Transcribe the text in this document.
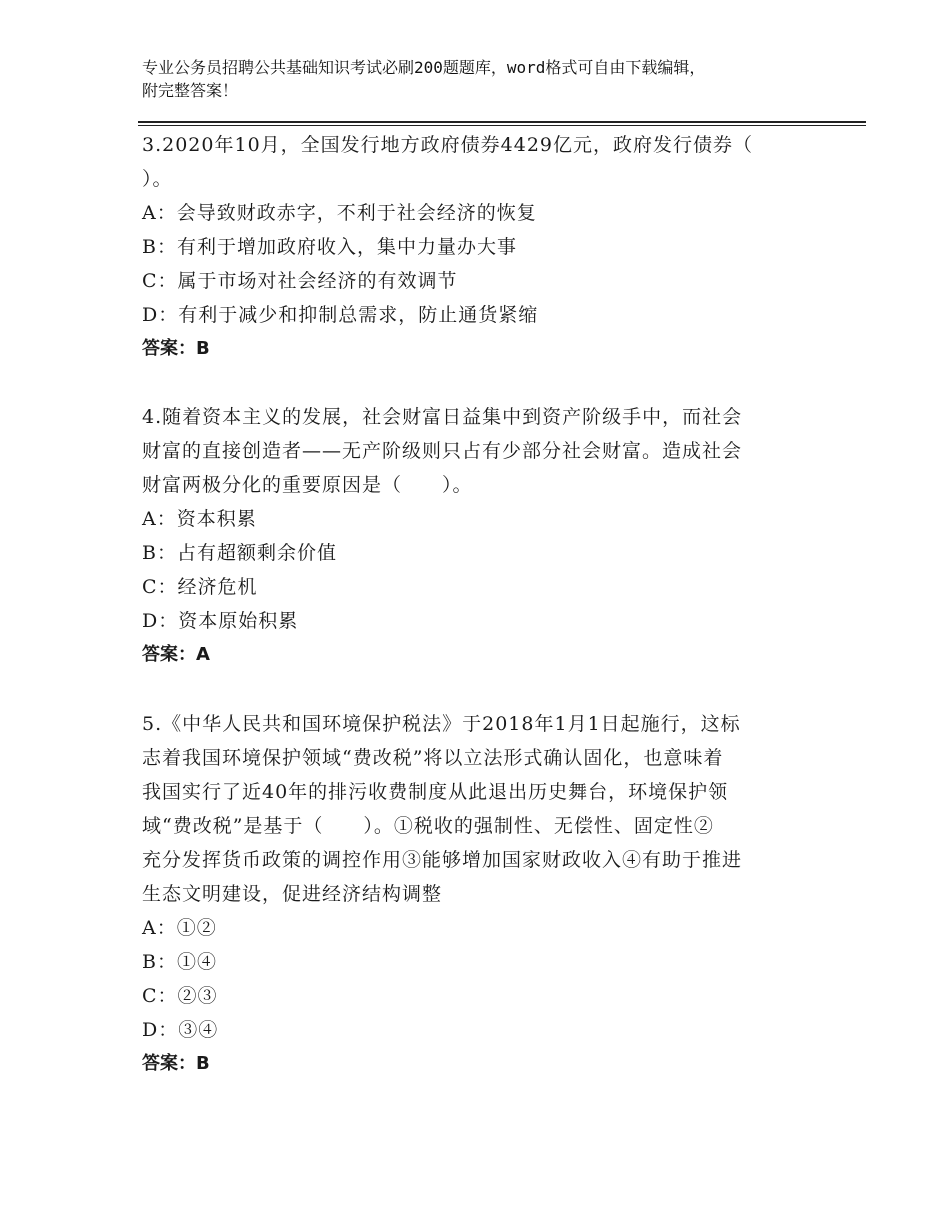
专业公务员招聘公共基础知识考试必刷200题题库，word格式可自由下载编辑，
附完整答案！
3.2020年10月，全国发行地方政府债券4429亿元，政府发行债券（
）。
A：会导致财政赤字，不利于社会经济的恢复
B：有利于增加政府收入，集中力量办大事
C：属于市场对社会经济的有效调节
D：有利于减少和抑制总需求，防止通货紧缩
答案：B
4.随着资本主义的发展，社会财富日益集中到资产阶级手中，而社会
财富的直接创造者——无产阶级则只占有少部分社会财富。造成社会
财富两极分化的重要原因是（　　）。
A：资本积累
B：占有超额剩余价值
C：经济危机
D：资本原始积累
答案：A
5.《中华人民共和国环境保护税法》于2018年1月1日起施行，这标
志着我国环境保护领域“费改税”将以立法形式确认固化，也意味着
我国实行了近40年的排污收费制度从此退出历史舞台，环境保护领
域“费改税”是基于（　　）。①税收的强制性、无偿性、固定性②
充分发挥货币政策的调控作用③能够增加国家财政收入④有助于推进
生态文明建设，促进经济结构调整
A：①②
B：①④
C：②③
D：③④
答案：B
